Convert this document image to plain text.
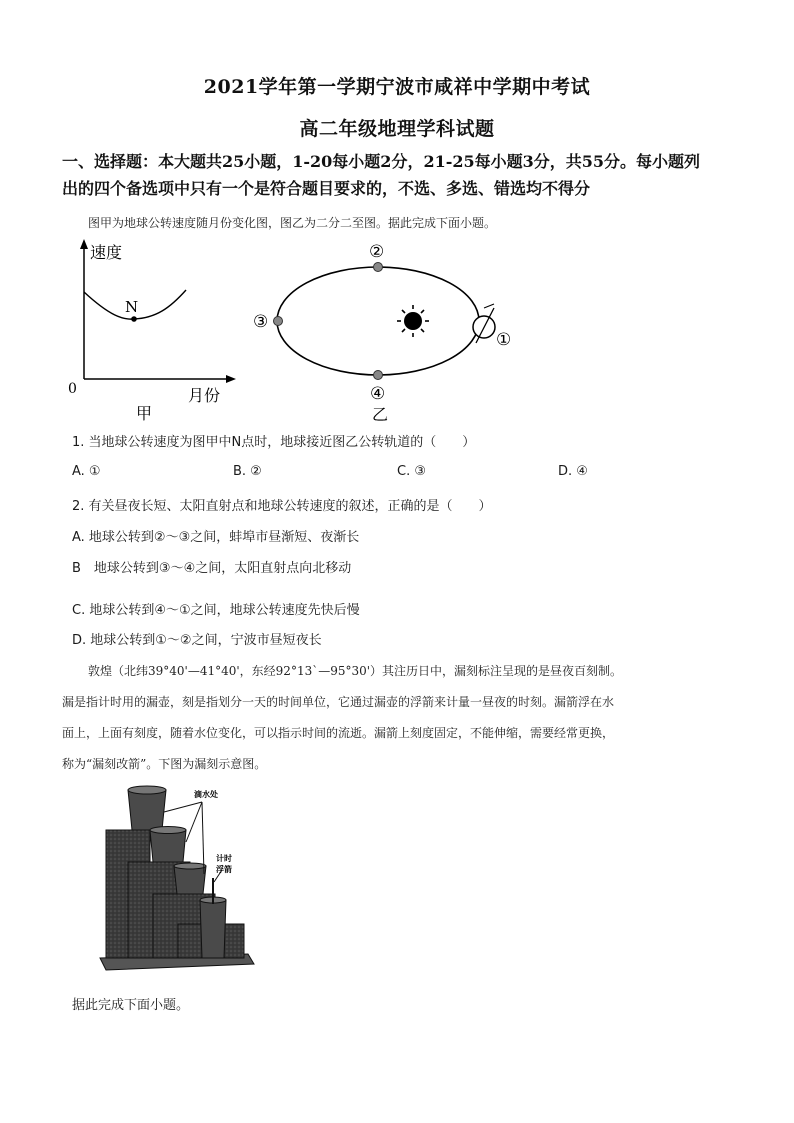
2021学年第一学期宁波市咸祥中学期中考试
高二年级地理学科试题
一、选择题：本大题共25小题，1-20每小题2分，21-25每小题3分，共55分。每小题列
出的四个备选项中只有一个是符合题目要求的，不选、多选、错选均不得分
图甲为地球公转速度随月份变化图，图乙为二分二至图。据此完成下面小题。
N
速度
月份
0
甲
②
③
①
④
乙
1. 当地球公转速度为图甲中N点时，地球接近图乙公转轨道的（　　）
A. ①	B. ②	C. ③	D. ④
2. 有关昼夜长短、太阳直射点和地球公转速度的叙述，正确的是（　　）
A. 地球公转到②～③之间，蚌埠市昼渐短、夜渐长
B　地球公转到③～④之间，太阳直射点向北移动
C. 地球公转到④～①之间，地球公转速度先快后慢
D. 地球公转到①～②之间，宁波市昼短夜长
敦煌（北纬39°40'—41°40'，东经92°13`—95°30'）其注历日中，漏刻标注呈现的是昼夜百刻制。
漏是指计时用的漏壶，刻是指划分一天的时间单位，它通过漏壶的浮箭来计量一昼夜的时刻。漏箭浮在水
面上，上面有刻度，随着水位变化，可以指示时间的流逝。漏箭上刻度固定，不能伸缩，需要经常更换，
称为“漏刻改箭”。下图为漏刻示意图。
滴水处
计时
浮箭
据此完成下面小题。
